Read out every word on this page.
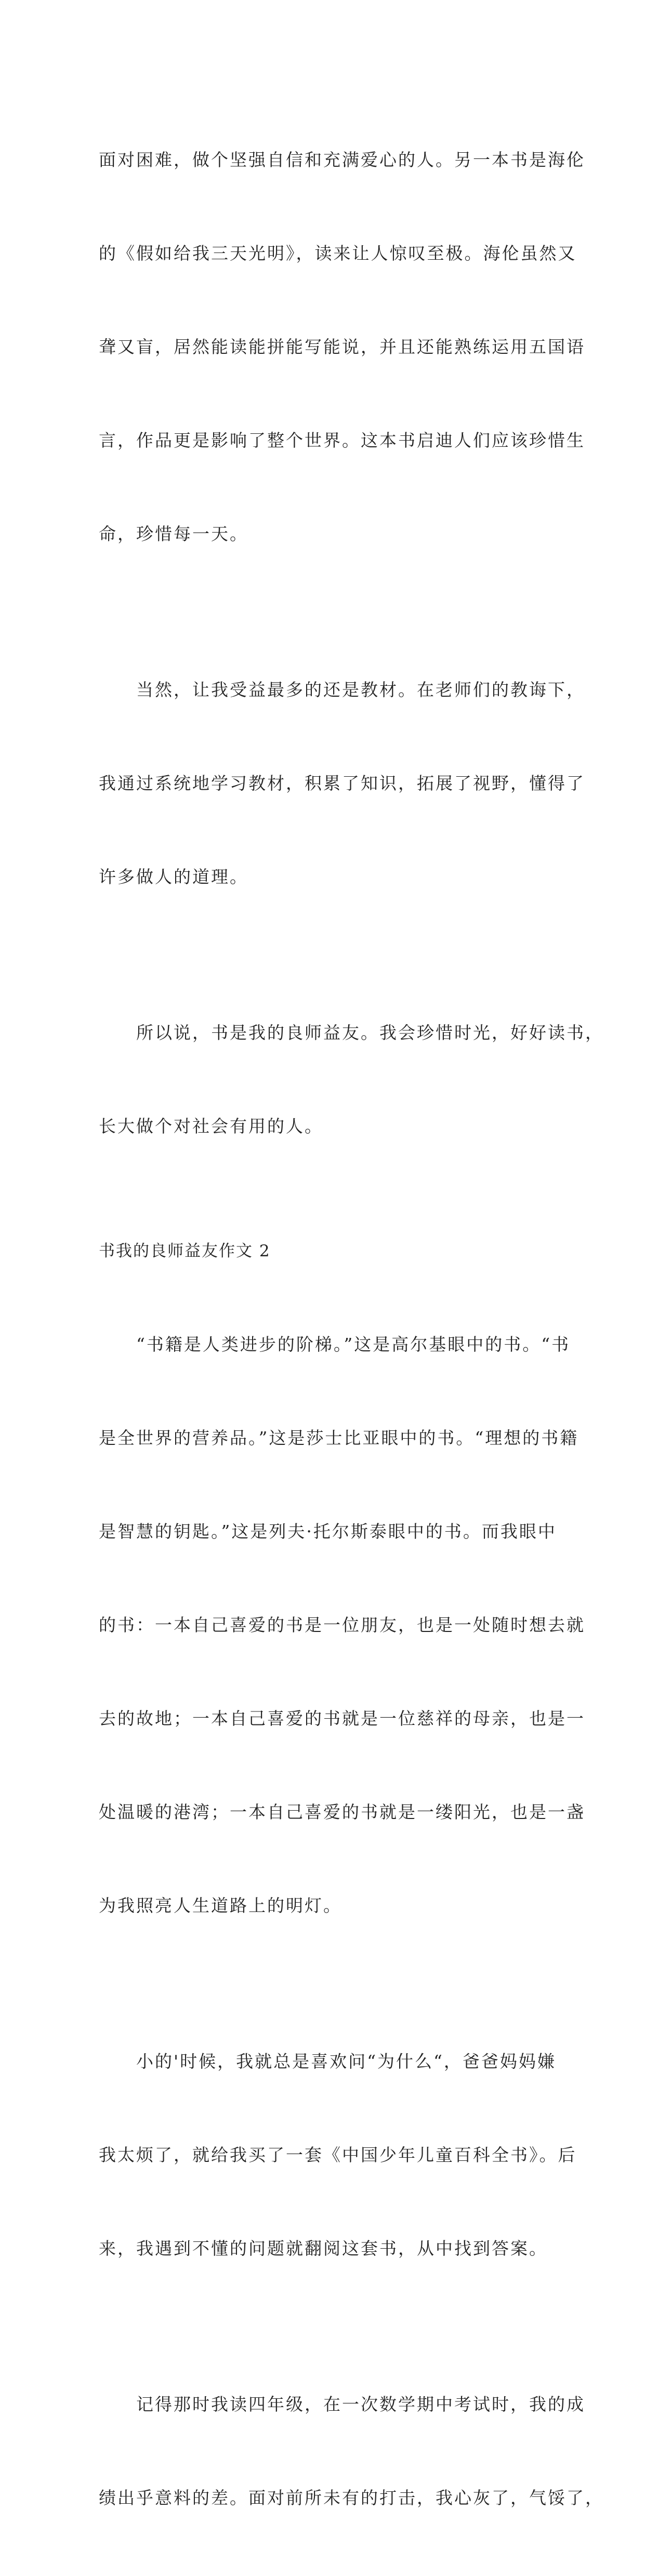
面对困难，做个坚强自信和充满爱心的人。另一本书是海伦

的《假如给我三天光明》，读来让人惊叹至极。海伦虽然又

聋又盲，居然能读能拼能写能说，并且还能熟练运用五国语

言，作品更是影响了整个世界。这本书启迪人们应该珍惜生

命，珍惜每一天。

　　当然，让我受益最多的还是教材。在老师们的教诲下，

我通过系统地学习教材，积累了知识，拓展了视野，懂得了

许多做人的道理。

　　所以说，书是我的良师益友。我会珍惜时光，好好读书，

长大做个对社会有用的人。

书我的良师益友作文 2

　　“书籍是人类进步的阶梯。”这是高尔基眼中的书。“书

是全世界的营养品。”这是莎士比亚眼中的书。“理想的书籍

是智慧的钥匙。”这是列夫·托尔斯泰眼中的书。而我眼中

的书：一本自己喜爱的书是一位朋友，也是一处随时想去就

去的故地；一本自己喜爱的书就是一位慈祥的母亲，也是一

处温暖的港湾；一本自己喜爱的书就是一缕阳光，也是一盏

为我照亮人生道路上的明灯。

　　小的'时候，我就总是喜欢问“为什么“，爸爸妈妈嫌

我太烦了，就给我买了一套《中国少年儿童百科全书》。后

来，我遇到不懂的问题就翻阅这套书，从中找到答案。

　　记得那时我读四年级，在一次数学期中考试时，我的成

绩出乎意料的差。面对前所未有的打击，我心灰了，气馁了，
